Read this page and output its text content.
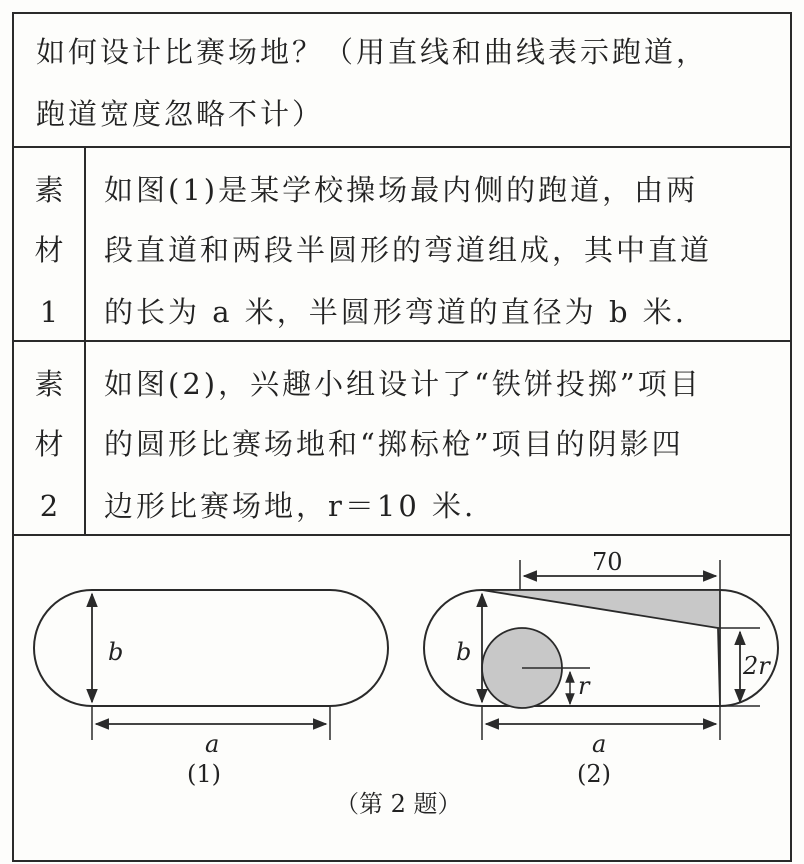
如何设计比赛场地？（用直线和曲线表示跑道，
跑道宽度忽略不计）
素
材
1
如图(1)是某学校操场最内侧的跑道，由两
段直道和两段半圆形的弯道组成，其中直道
的长为 a 米，半圆形弯道的直径为 b 米.
素
材
2
如图(2)，兴趣小组设计了“铁饼投掷”项目
的圆形比赛场地和“掷标枪”项目的阴影四
边形比赛场地，r＝10 米.
b
a
(1)
70
b
r
2r
a
(2)
（第 2 题）
